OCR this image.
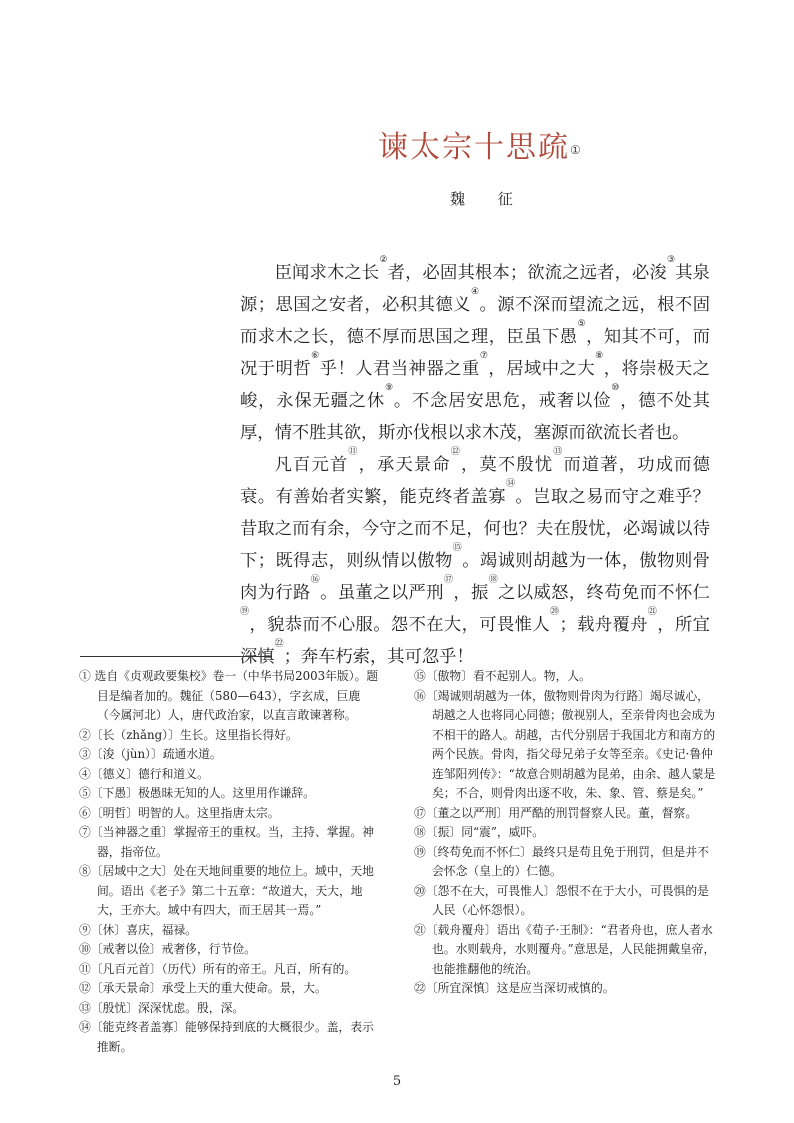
谏太宗十思疏①
魏 征

臣闻求木之长②者，必固其根本；欲流之远者，必浚③其泉源；思国之安者，必积其德义④。源不深而望流之远，根不固而求木之长，德不厚而思国之理，臣虽下愚⑤，知其不可，而况于明哲⑥乎！人君当神器之重⑦，居域中之大⑧，将崇极天之峻，永保无疆之休⑨。不念居安思危，戒奢以俭⑩，德不处其厚，情不胜其欲，斯亦伐根以求木茂，塞源而欲流长者也。

凡百元首⑪，承天景命⑫，莫不殷忧⑬而道著，功成而德衰。有善始者实繁，能克终者盖寡⑭。岂取之易而守之难乎？昔取之而有余，今守之而不足，何也？夫在殷忧，必竭诚以待下；既得志，则纵情以傲物⑮。竭诚则胡越为一体，傲物则骨肉为行路⑯。虽董之以严刑⑰，振⑱之以威怒，终苟免而不怀仁⑲，貌恭而不心服。怨不在大，可畏惟人⑳；载舟覆舟$^㉑$，所宜深慎$^㉒$；奔车朽索，其可忽乎！

① 选自《贞观政要集校》卷一（中华书局2003年版）。题目是编者加的。魏征（580—643），字玄成，巨鹿（今属河北）人，唐代政治家，以直言敢谏著称。

②〔长（zhǎng）〕生长。这里指长得好。

③〔浚（jùn）〕疏通水道。

④〔德义〕德行和道义。

⑤〔下愚〕极愚昧无知的人。这里用作谦辞。

⑥〔明哲〕明智的人。这里指唐太宗。

⑦〔当神器之重〕掌握帝王的重权。当，主持、掌握。神器，指帝位。

⑧〔居域中之大〕处在天地间重要的地位上。域中，天地间。语出《老子》第二十五章：“故道大，天大，地大，王亦大。域中有四大，而王居其一焉。”

⑨〔休〕喜庆，福禄。

⑩〔戒奢以俭〕戒奢侈，行节俭。

⑪〔凡百元首〕（历代）所有的帝王。凡百，所有的。

⑫〔承天景命〕承受上天的重大使命。景，大。

⑬〔殷忧〕深深忧虑。殷，深。

⑭〔能克终者盖寡〕能够保持到底的大概很少。盖，表示推断。

⑮〔傲物〕看不起别人。物，人。

⑯〔竭诚则胡越为一体，傲物则骨肉为行路〕竭尽诚心，胡越之人也将同心同德；傲视别人，至亲骨肉也会成为不相干的路人。胡越，古代分别居于我国北方和南方的两个民族。骨肉，指父母兄弟子女等至亲。《史记·鲁仲连邹阳列传》：“故意合则胡越为昆弟，由余、越人蒙是矣；不合，则骨肉出逐不收，朱、象、管、蔡是矣。”

⑰〔董之以严刑〕用严酷的刑罚督察人民。董，督察。

⑱〔振〕同“震”，威吓。

⑲〔终苟免而不怀仁〕最终只是苟且免于刑罚，但是并不会怀念（皇上的）仁德。

⑳〔怨不在大，可畏惟人〕怨恨不在于大小，可畏惧的是人民（心怀怨恨）。

㉑〔载舟覆舟〕语出《荀子·王制》：“君者舟也，庶人者水也。水则载舟，水则覆舟。”意思是，人民能拥戴皇帝，也能推翻他的统治。

㉒〔所宜深慎〕这是应当深切戒慎的。

5
